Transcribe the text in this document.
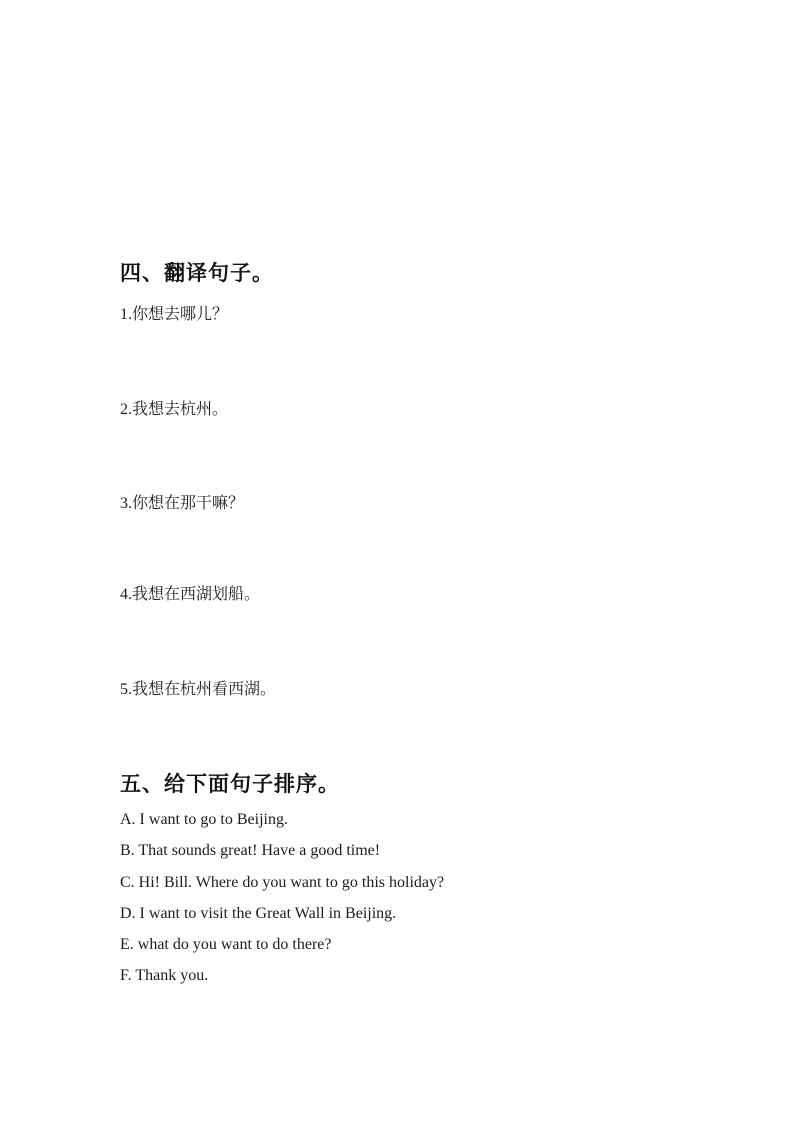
四、翻译句子。
1.你想去哪儿？
2.我想去杭州。
3.你想在那干嘛？
4.我想在西湖划船。
5.我想在杭州看西湖。
五、给下面句子排序。
A. I want to go to Beijing.
B. That sounds great! Have a good time!
C. Hi! Bill. Where do you want to go this holiday?
D. I want to visit the Great Wall in Beijing.
E. what do you want to do there?
F. Thank you.
